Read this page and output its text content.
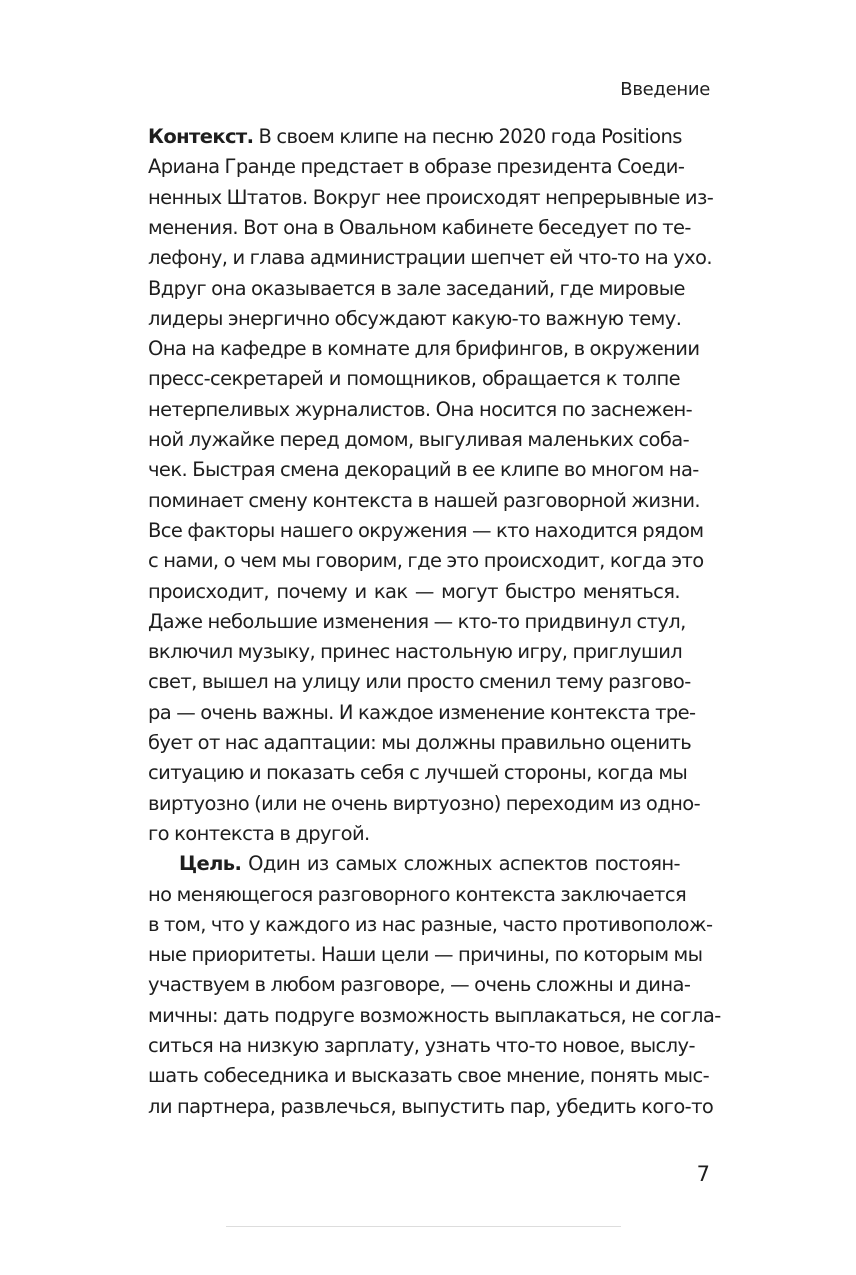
Введение
Контекст. В своем клипе на песню 2020 года Positions
Ариана Гранде предстает в образе президента Соеди-
ненных Штатов. Вокруг нее происходят непрерывные из-
менения. Вот она в Овальном кабинете беседует по те-
лефону, и глава администрации шепчет ей что-то на ухо.
Вдруг она оказывается в зале заседаний, где мировые
лидеры энергично обсуждают какую-то важную тему.
Она на кафедре в комнате для брифингов, в окружении
пресс-секретарей и помощников, обращается к толпе
нетерпеливых журналистов. Она носится по заснежен-
ной лужайке перед домом, выгуливая маленьких соба-
чек. Быстрая смена декораций в ее клипе во многом на-
поминает смену контекста в нашей разговорной жизни.
Все факторы нашего окружения — кто находится рядом
с нами, о чем мы говорим, где это происходит, когда это
происходит, почему и как — могут быстро меняться.
Даже небольшие изменения — кто-то придвинул стул,
включил музыку, принес настольную игру, приглушил
свет, вышел на улицу или просто сменил тему разгово-
ра — очень важны. И каждое изменение контекста тре-
бует от нас адаптации: мы должны правильно оценить
ситуацию и показать себя с лучшей стороны, когда мы
виртуозно (или не очень виртуозно) переходим из одно-
го контекста в другой.
Цель. Один из самых сложных аспектов постоян-
но меняющегося разговорного контекста заключается
в том, что у каждого из нас разные, часто противополож-
ные приоритеты. Наши цели — причины, по которым мы
участвуем в любом разговоре, — очень сложны и дина-
мичны: дать подруге возможность выплакаться, не согла-
ситься на низкую зарплату, узнать что-то новое, выслу-
шать собеседника и высказать свое мнение, понять мыс-
ли партнера, развлечься, выпустить пар, убедить кого-то
7
